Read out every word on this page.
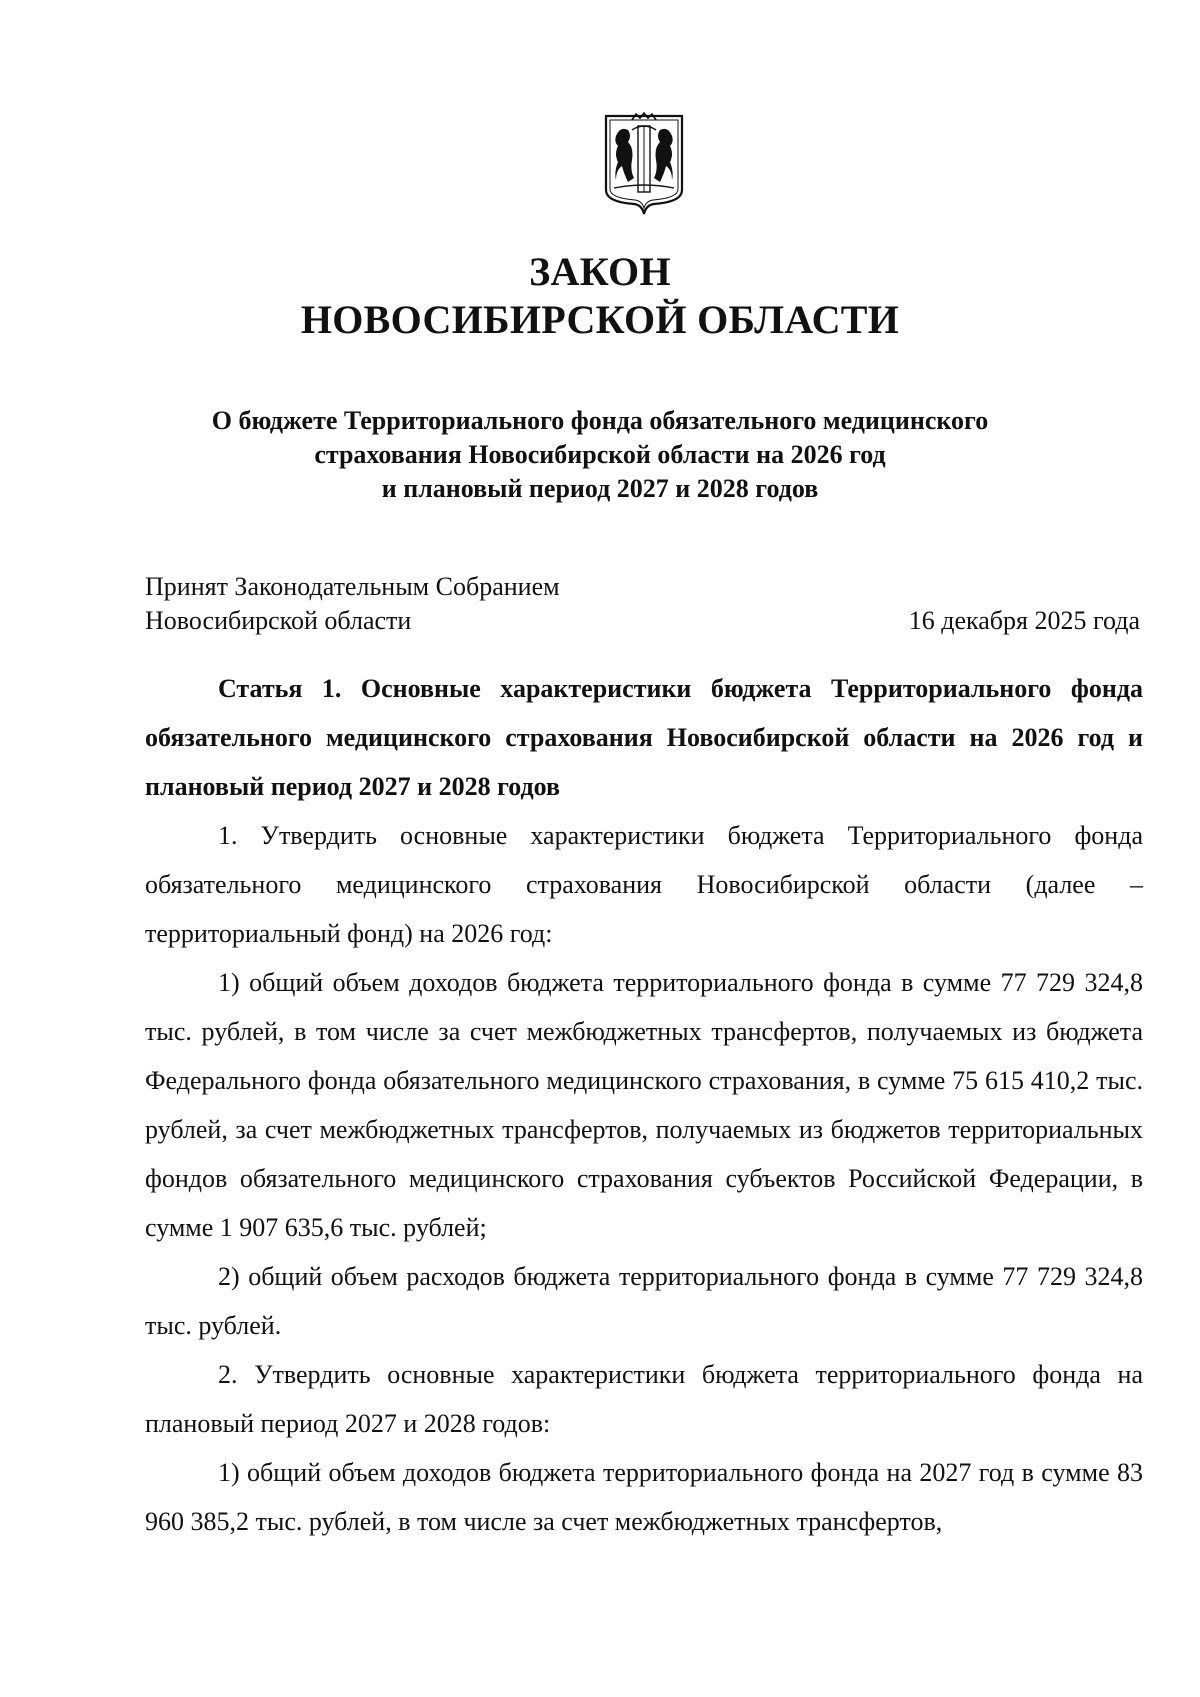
ЗАКОН
НОВОСИБИРСКОЙ ОБЛАСТИ
О бюджете Территориального фонда обязательного медицинского
страхования Новосибирской области на 2026 год
и плановый период 2027 и 2028 годов
Принят Законодательным Собранием
Новосибирской области	16 декабря 2025 года

Статья 1. Основные характеристики бюджета Территориального фонда обязательного медицинского страхования Новосибирской области на 2026 год и плановый период 2027 и 2028 годов

1. Утвердить основные характеристики бюджета Территориального фонда обязательного медицинского страхования Новосибирской области (далее – территориальный фонд) на 2026 год:

1) общий объем доходов бюджета территориального фонда в сумме 77 729 324,8 тыс. рублей, в том числе за счет межбюджетных трансфертов, получаемых из бюджета Федерального фонда обязательного медицинского страхования, в сумме 75 615 410,2 тыс. рублей, за счет межбюджетных трансфертов, получаемых из бюджетов территориальных фондов обязательного медицинского страхования субъектов Российской Федерации, в сумме 1 907 635,6 тыс. рублей;

2) общий объем расходов бюджета территориального фонда в сумме 77 729 324,8 тыс. рублей.

2. Утвердить основные характеристики бюджета территориального фонда на плановый период 2027 и 2028 годов:

1) общий объем доходов бюджета территориального фонда на 2027 год в сумме 83 960 385,2 тыс. рублей, в том числе за счет межбюджетных трансфертов,
